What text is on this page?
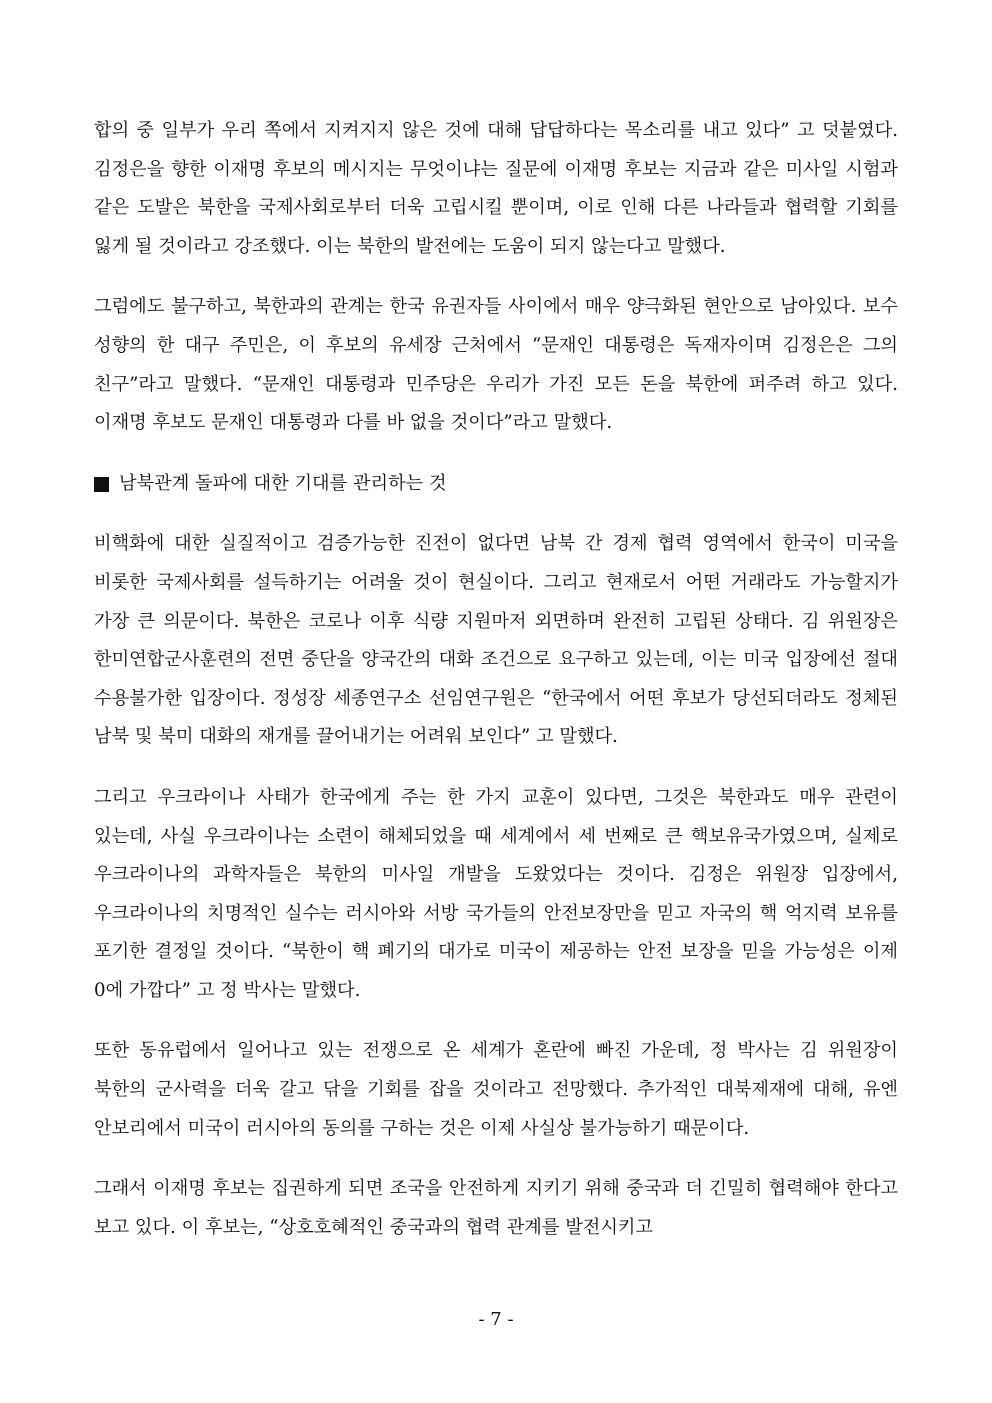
합의 중 일부가 우리 쪽에서 지켜지지 않은 것에 대해 답답하다는 목소리를 내고 있다” 고 덧붙였다. 김정은을 향한 이재명 후보의 메시지는 무엇이냐는 질문에 이재명 후보는 지금과 같은 미사일 시험과 같은 도발은 북한을 국제사회로부터 더욱 고립시킬 뿐이며, 이로 인해 다른 나라들과 협력할 기회를 잃게 될 것이라고 강조했다. 이는 북한의 발전에는 도움이 되지 않는다고 말했다.

그럼에도 불구하고, 북한과의 관계는 한국 유권자들 사이에서 매우 양극화된 현안으로 남아있다. 보수 성향의 한 대구 주민은, 이 후보의 유세장 근처에서 “문재인 대통령은 독재자이며 김정은은 그의 친구”라고 말했다. “문재인 대통령과 민주당은 우리가 가진 모든 돈을 북한에 퍼주려 하고 있다. 이재명 후보도 문재인 대통령과 다를 바 없을 것이다”라고 말했다.

남북관계 돌파에 대한 기대를 관리하는 것

비핵화에 대한 실질적이고 검증가능한 진전이 없다면 남북 간 경제 협력 영역에서 한국이 미국을 비롯한 국제사회를 설득하기는 어려울 것이 현실이다. 그리고 현재로서 어떤 거래라도 가능할지가 가장 큰 의문이다. 북한은 코로나 이후 식량 지원마저 외면하며 완전히 고립된 상태다. 김 위원장은 한미연합군사훈련의 전면 중단을 양국간의 대화 조건으로 요구하고 있는데, 이는 미국 입장에선 절대 수용불가한 입장이다. 정성장 세종연구소 선임연구원은 “한국에서 어떤 후보가 당선되더라도 정체된 남북 및 북미 대화의 재개를 끌어내기는 어려워 보인다” 고 말했다.

그리고 우크라이나 사태가 한국에게 주는 한 가지 교훈이 있다면, 그것은 북한과도 매우 관련이 있는데, 사실 우크라이나는 소련이 해체되었을 때 세계에서 세 번째로 큰 핵보유국가였으며, 실제로 우크라이나의 과학자들은 북한의 미사일 개발을 도왔었다는 것이다. 김정은 위원장 입장에서, 우크라이나의 치명적인 실수는 러시아와 서방 국가들의 안전보장만을 믿고 자국의 핵 억지력 보유를 포기한 결정일 것이다. “북한이 핵 폐기의 대가로 미국이 제공하는 안전 보장을 믿을 가능성은 이제 0에 가깝다” 고 정 박사는 말했다.

또한 동유럽에서 일어나고 있는 전쟁으로 온 세계가 혼란에 빠진 가운데, 정 박사는 김 위원장이 북한의 군사력을 더욱 갈고 닦을 기회를 잡을 것이라고 전망했다. 추가적인 대북제재에 대해, 유엔 안보리에서 미국이 러시아의 동의를 구하는 것은 이제 사실상 불가능하기 때문이다.

그래서 이재명 후보는 집권하게 되면 조국을 안전하게 지키기 위해 중국과 더 긴밀히 협력해야 한다고 보고 있다. 이 후보는, “상호호혜적인 중국과의 협력 관계를 발전시키고

- 7 -
